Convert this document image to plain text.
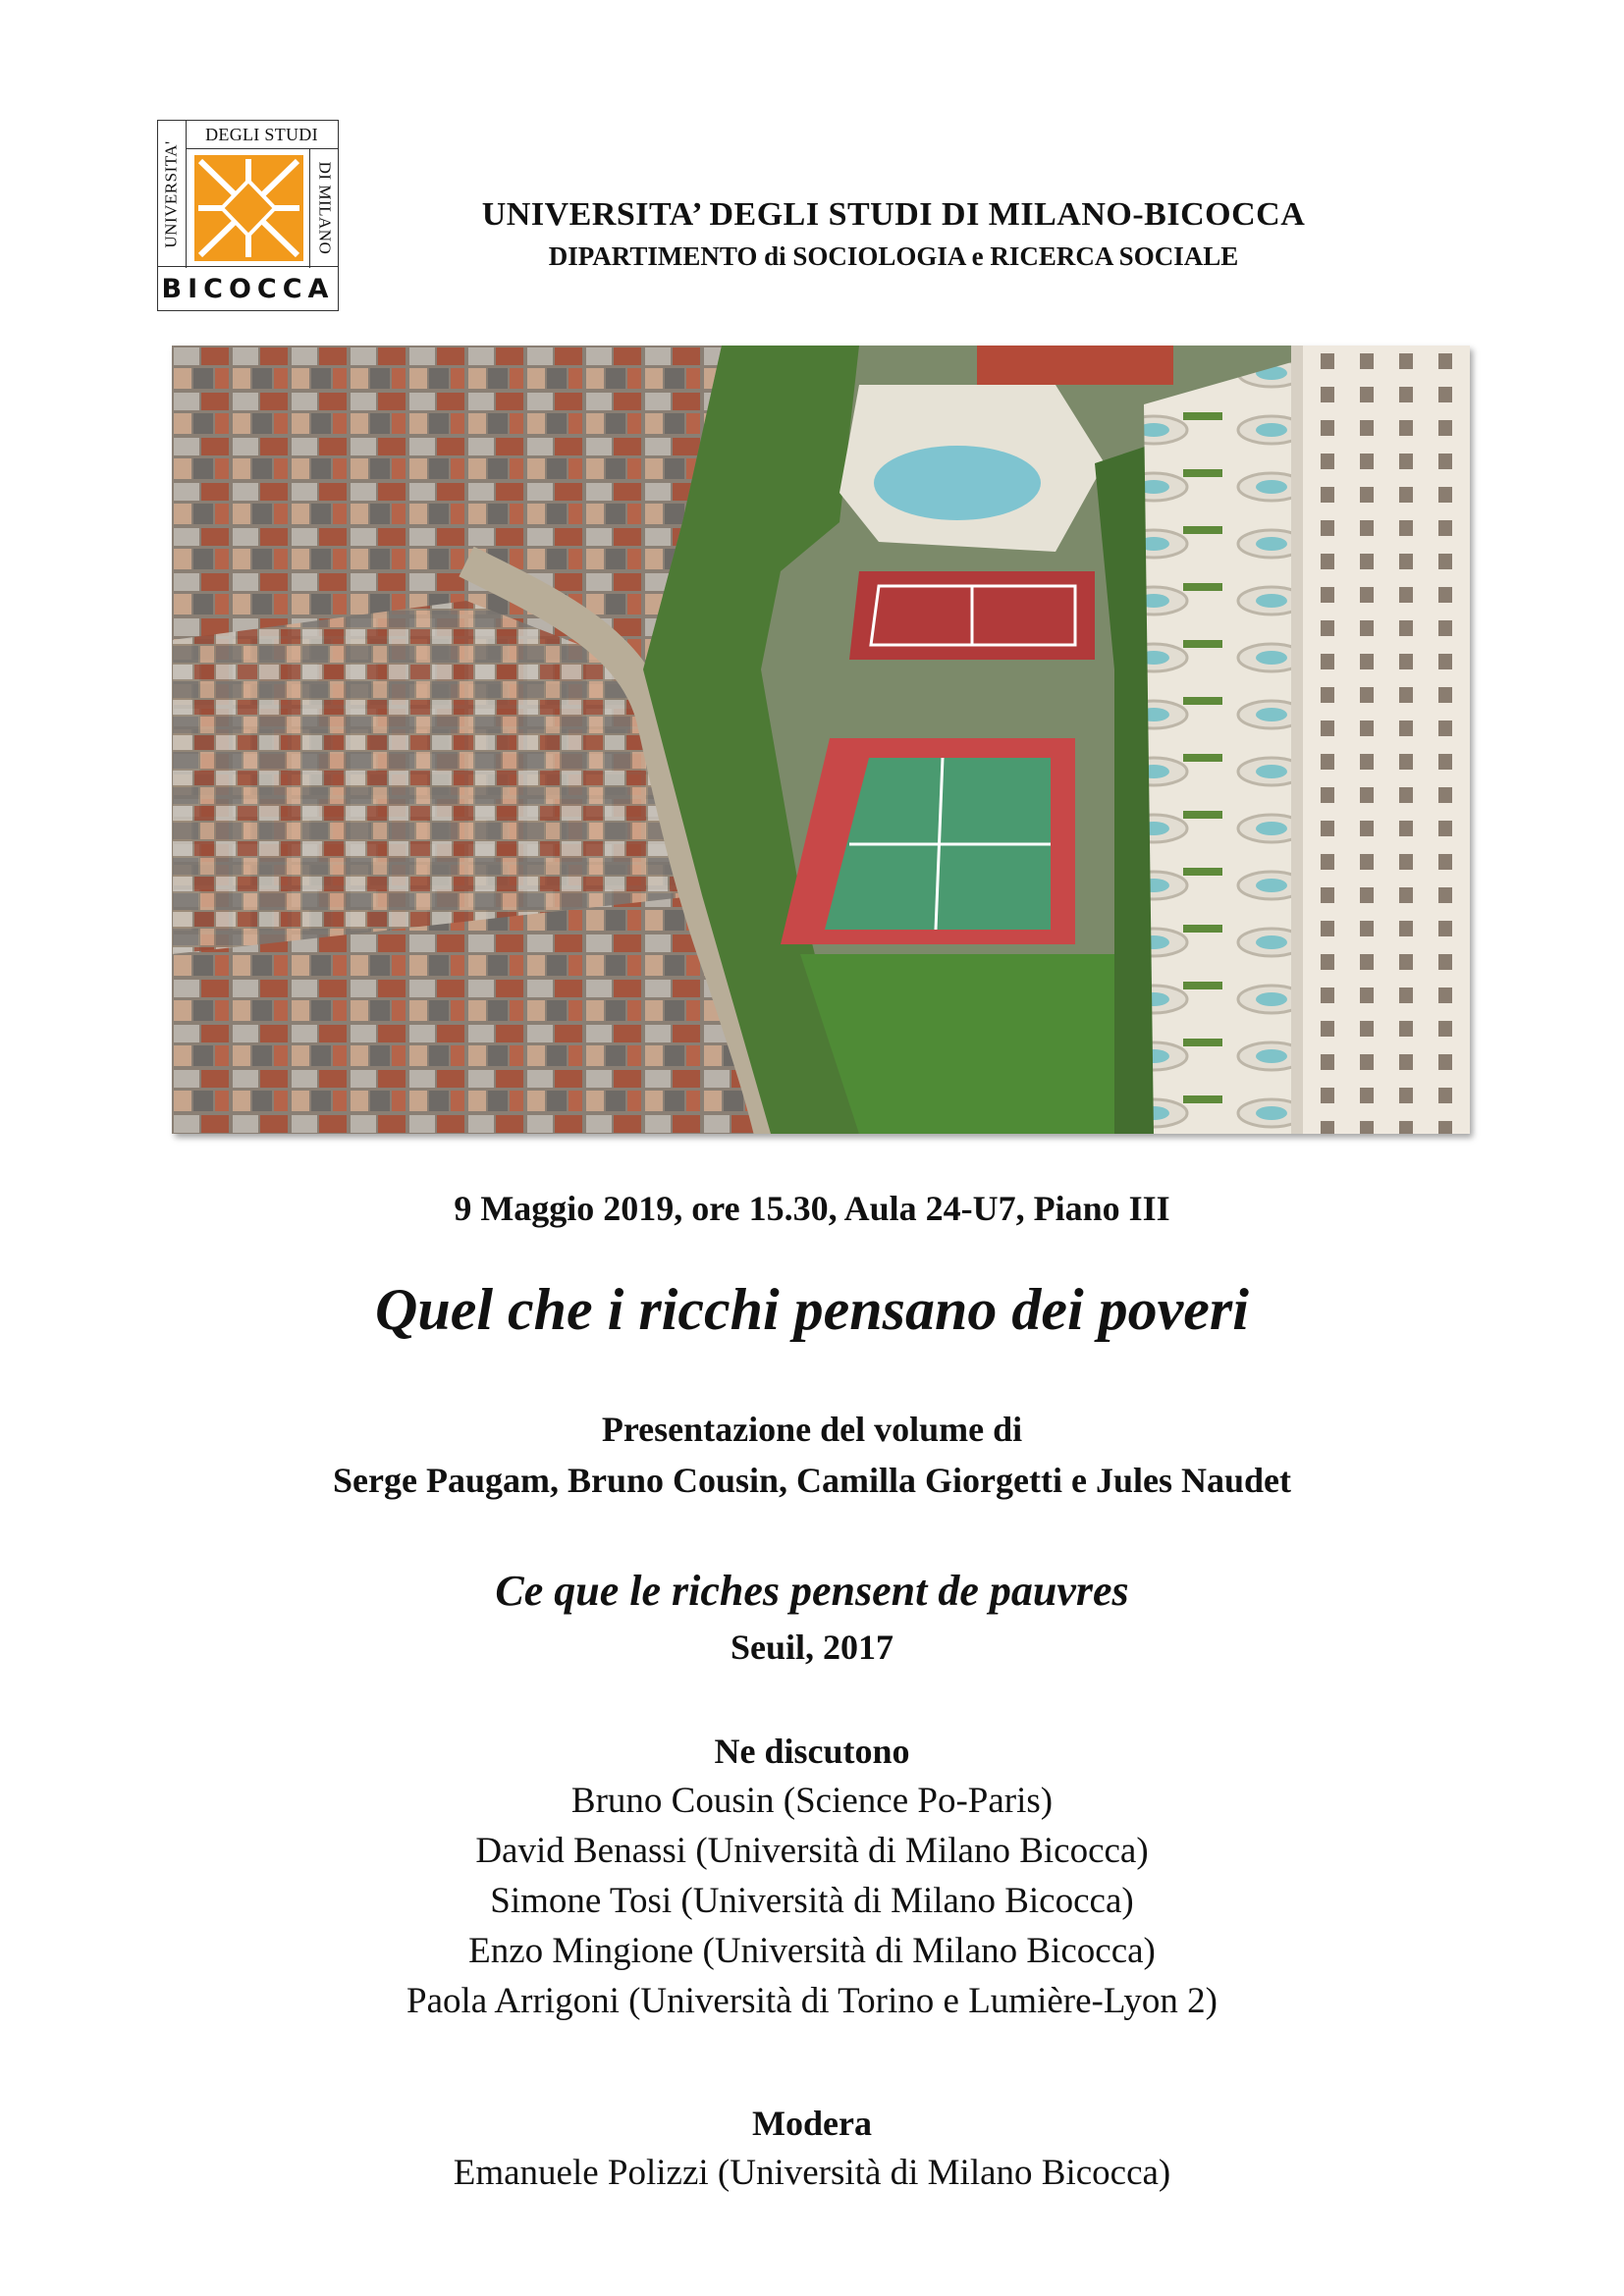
UNIVERSITA'
DEGLI STUDI
DI MILANO
BICOCCA
UNIVERSITA’ DEGLI STUDI DI MILANO-BICOCCA
DIPARTIMENTO di SOCIOLOGIA e RICERCA SOCIALE

9 Maggio 2019, ore 15.30, Aula 24-U7, Piano III

Quel che i ricchi pensano dei poveri

Presentazione del volume di

Serge Paugam, Bruno Cousin, Camilla Giorgetti e Jules Naudet

Ce que le riches pensent de pauvres

Seuil, 2017

Ne discutono

Bruno Cousin (Science Po-Paris)

David Benassi (Università di Milano Bicocca)

Simone Tosi (Università di Milano Bicocca)

Enzo Mingione (Università di Milano Bicocca)

Paola Arrigoni (Università di Torino e Lumière-Lyon 2)

Modera

Emanuele Polizzi (Università di Milano Bicocca)
